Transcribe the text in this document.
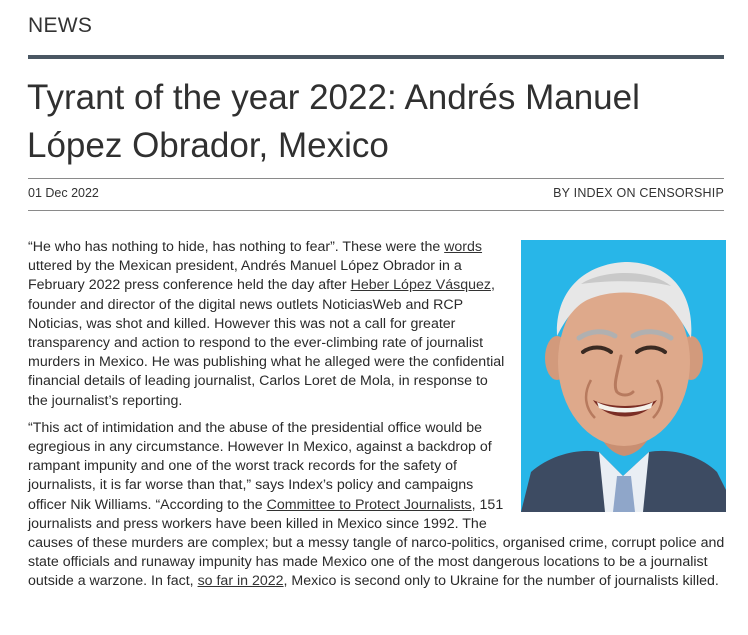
NEWS
Tyrant of the year 2022: Andrés Manuel López Obrador, Mexico
01 Dec 2022	BY INDEX ON CENSORSHIP

“He who has nothing to hide, has nothing to fear”. These were the words uttered by the Mexican president, Andrés Manuel López Obrador in a February 2022 press conference held the day after Heber López Vásquez, founder and director of the digital news outlets NoticiasWeb and RCP Noticias, was shot and killed. However this was not a call for greater transparency and action to respond to the ever-climbing rate of journalist murders in Mexico. He was publishing what he alleged were the confidential financial details of leading journalist, Carlos Loret de Mola, in response to the journalist’s reporting.

“This act of intimidation and the abuse of the presidential office would be egregious in any circumstance. However In Mexico, against a backdrop of rampant impunity and one of the worst track records for the safety of journalists, it is far worse than that,” says Index’s policy and campaigns officer Nik Williams. “According to the Committee to Protect Journalists, 151 journalists and press workers have been killed in Mexico since 1992. The causes of these murders are complex; but a messy tangle of narco-politics, organised crime, corrupt police and state officials and runaway impunity has made Mexico one of the most dangerous locations to be a journalist outside a warzone. In fact, so far in 2022, Mexico is second only to Ukraine for the number of journalists killed.
